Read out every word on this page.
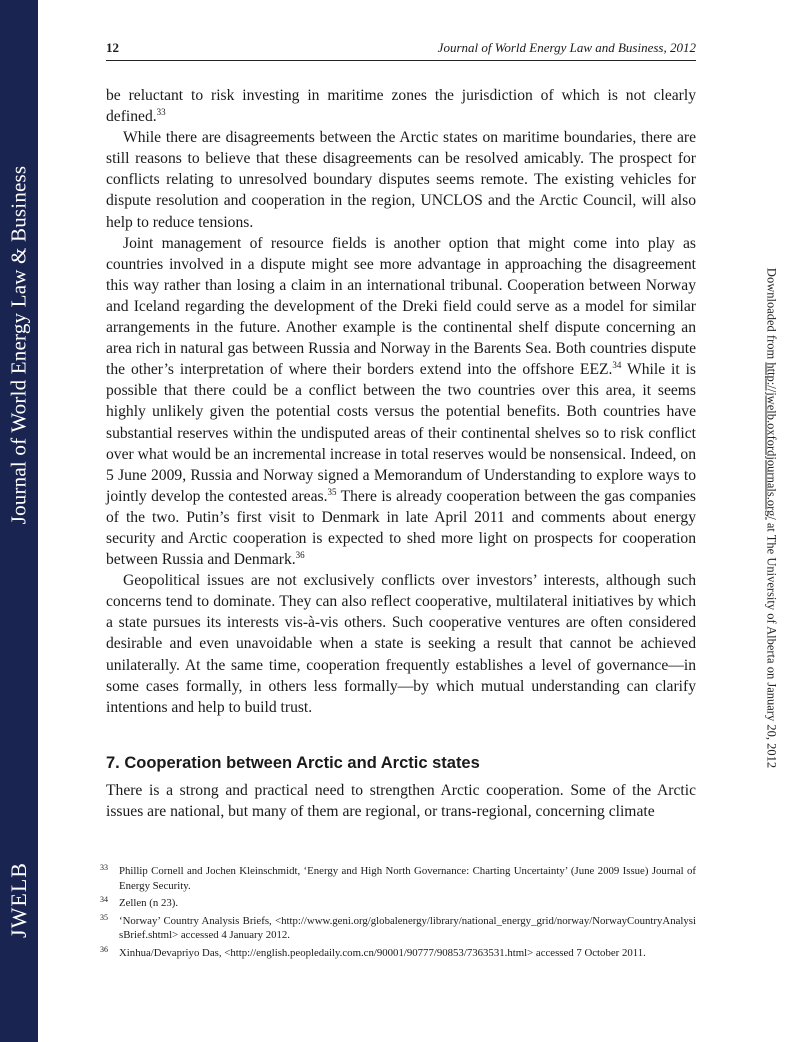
Journal of World Energy Law & Business
JWELB
Downloaded from http://jwelb.oxfordjournals.org/ at The University of Alberta on January 20, 2012
12	Journal of World Energy Law and Business, 2012

be reluctant to risk investing in maritime zones the jurisdiction of which is not clearly defined.$^{33}$

While there are disagreements between the Arctic states on maritime boundaries, there are still reasons to believe that these disagreements can be resolved amicably. The prospect for conflicts relating to unresolved boundary disputes seems remote. The existing vehicles for dispute resolution and cooperation in the region, UNCLOS and the Arctic Council, will also help to reduce tensions.

Joint management of resource fields is another option that might come into play as countries involved in a dispute might see more advantage in approaching the disagreement this way rather than losing a claim in an international tribunal. Cooperation between Norway and Iceland regarding the development of the Dreki field could serve as a model for similar arrangements in the future. Another example is the continental shelf dispute concerning an area rich in natural gas between Russia and Norway in the Barents Sea. Both countries dispute the other’s interpretation of where their borders extend into the offshore EEZ.$^{34}$ While it is possible that there could be a conflict between the two countries over this area, it seems highly unlikely given the potential costs versus the potential benefits. Both countries have substantial reserves within the undisputed areas of their continental shelves so to risk conflict over what would be an incremental increase in total reserves would be nonsensical. Indeed, on 5 June 2009, Russia and Norway signed a Memorandum of Understanding to explore ways to jointly develop the contested areas.$^{35}$ There is already cooperation between the gas companies of the two. Putin’s first visit to Denmark in late April 2011 and comments about energy security and Arctic cooperation is expected to shed more light on prospects for cooperation between Russia and Denmark.$^{36}$

Geopolitical issues are not exclusively conflicts over investors’ interests, although such concerns tend to dominate. They can also reflect cooperative, multilateral initiatives by which a state pursues its interests vis-à-vis others. Such cooperative ventures are often considered desirable and even unavoidable when a state is seeking a result that cannot be achieved unilaterally. At the same time, cooperation frequently establishes a level of governance—in some cases formally, in others less formally—by which mutual understanding can clarify intentions and help to build trust.

7. Cooperation between Arctic and Arctic states

There is a strong and practical need to strengthen Arctic cooperation. Some of the Arctic issues are national, but many of them are regional, or trans-regional, concerning climate

33 Phillip Cornell and Jochen Kleinschmidt, ‘Energy and High North Governance: Charting Uncertainty’ (June 2009 Issue) Journal of Energy Security.
34 Zellen (n 23).
35 ‘Norway’ Country Analysis Briefs, <http://www.geni.org/globalenergy/library/national_energy_grid/norway/NorwayCountryAnalysisBrief.shtml> accessed 4 January 2012.
36 Xinhua/Devapriyo Das, <http://english.peopledaily.com.cn/90001/90777/90853/7363531.html> accessed 7 October 2011.
